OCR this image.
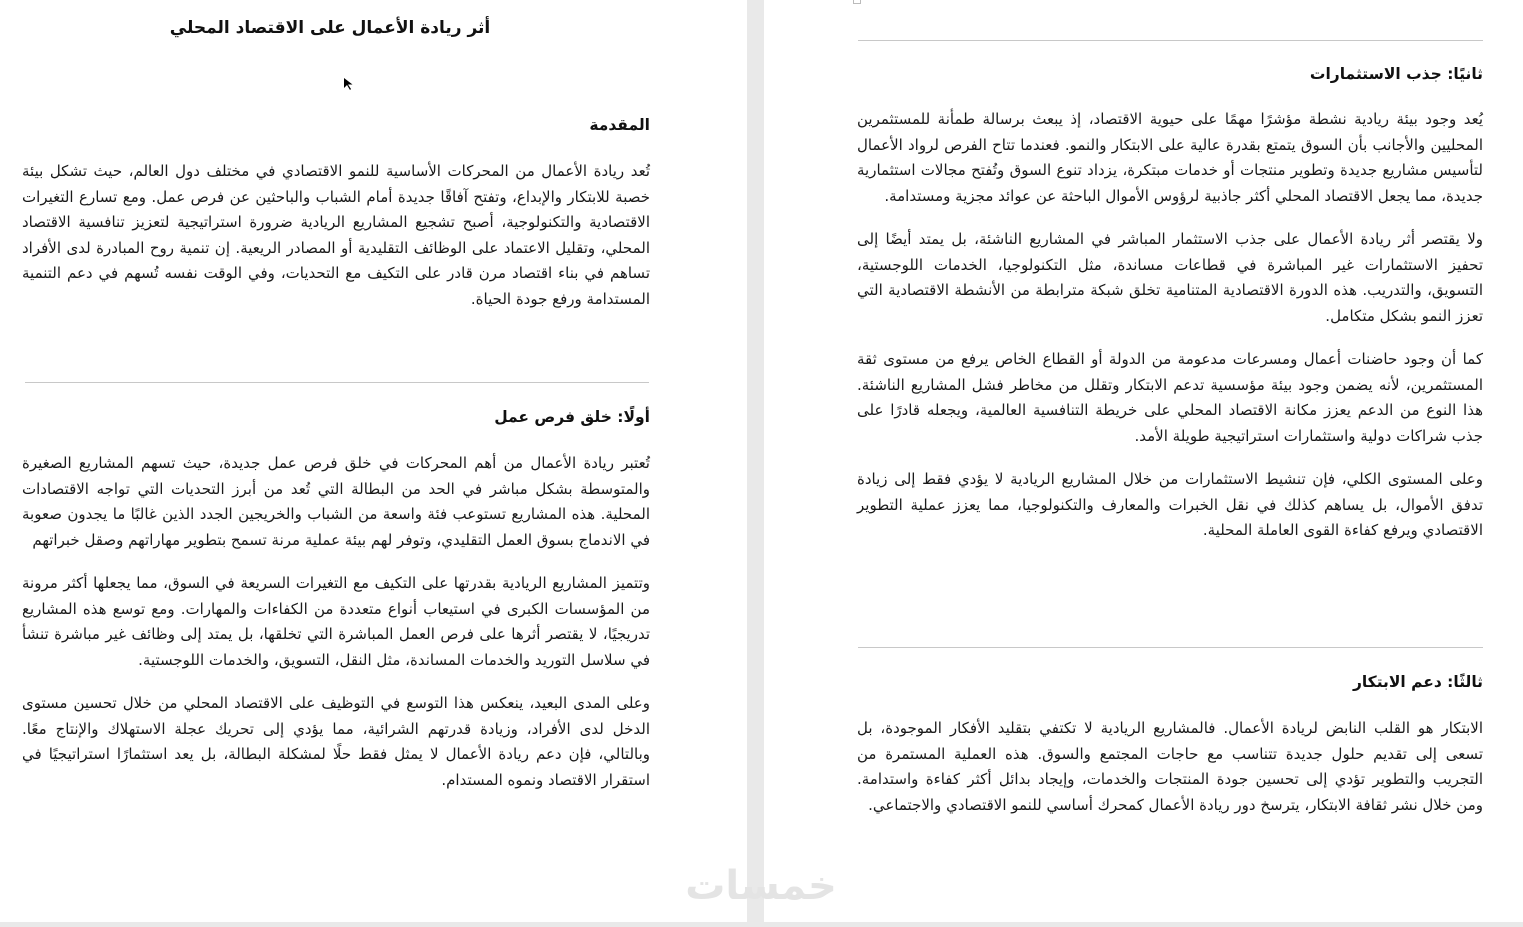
أثر ريادة الأعمال على الاقتصاد المحلي
المقدمة

تُعد ريادة الأعمال من المحركات الأساسية للنمو الاقتصادي في مختلف دول العالم، حيث تشكل بيئة خصبة للابتكار والإبداع، وتفتح آفاقًا جديدة أمام الشباب والباحثين عن فرص عمل. ومع تسارع التغيرات الاقتصادية والتكنولوجية، أصبح تشجيع المشاريع الريادية ضرورة استراتيجية لتعزيز تنافسية الاقتصاد المحلي، وتقليل الاعتماد على الوظائف التقليدية أو المصادر الريعية. إن تنمية روح المبادرة لدى الأفراد تساهم في بناء اقتصاد مرن قادر على التكيف مع التحديات، وفي الوقت نفسه تُسهم في دعم التنمية المستدامة ورفع جودة الحياة.

أولًا: خلق فرص عمل

تُعتبر ريادة الأعمال من أهم المحركات في خلق فرص عمل جديدة، حيث تسهم المشاريع الصغيرة والمتوسطة بشكل مباشر في الحد من البطالة التي تُعد من أبرز التحديات التي تواجه الاقتصادات المحلية. هذه المشاريع تستوعب فئة واسعة من الشباب والخريجين الجدد الذين غالبًا ما يجدون صعوبة في الاندماج بسوق العمل التقليدي، وتوفر لهم بيئة عملية مرنة تسمح بتطوير مهاراتهم وصقل خبراتهم

وتتميز المشاريع الريادية بقدرتها على التكيف مع التغيرات السريعة في السوق، مما يجعلها أكثر مرونة من المؤسسات الكبرى في استيعاب أنواع متعددة من الكفاءات والمهارات. ومع توسع هذه المشاريع تدريجيًا، لا يقتصر أثرها على فرص العمل المباشرة التي تخلقها، بل يمتد إلى وظائف غير مباشرة تنشأ في سلاسل التوريد والخدمات المساندة، مثل النقل، التسويق، والخدمات اللوجستية.

وعلى المدى البعيد، ينعكس هذا التوسع في التوظيف على الاقتصاد المحلي من خلال تحسين مستوى الدخل لدى الأفراد، وزيادة قدرتهم الشرائية، مما يؤدي إلى تحريك عجلة الاستهلاك والإنتاج معًا. وبالتالي، فإن دعم ريادة الأعمال لا يمثل فقط حلًا لمشكلة البطالة، بل يعد استثمارًا استراتيجيًا في استقرار الاقتصاد ونموه المستدام.

ثانيًا: جذب الاستثمارات

يُعد وجود بيئة ريادية نشطة مؤشرًا مهمًا على حيوية الاقتصاد، إذ يبعث برسالة طمأنة للمستثمرين المحليين والأجانب بأن السوق يتمتع بقدرة عالية على الابتكار والنمو. فعندما تتاح الفرص لرواد الأعمال لتأسيس مشاريع جديدة وتطوير منتجات أو خدمات مبتكرة، يزداد تنوع السوق وتُفتح مجالات استثمارية جديدة، مما يجعل الاقتصاد المحلي أكثر جاذبية لرؤوس الأموال الباحثة عن عوائد مجزية ومستدامة.

ولا يقتصر أثر ريادة الأعمال على جذب الاستثمار المباشر في المشاريع الناشئة، بل يمتد أيضًا إلى تحفيز الاستثمارات غير المباشرة في قطاعات مساندة، مثل التكنولوجيا، الخدمات اللوجستية، التسويق، والتدريب. هذه الدورة الاقتصادية المتنامية تخلق شبكة مترابطة من الأنشطة الاقتصادية التي تعزز النمو بشكل متكامل.

كما أن وجود حاضنات أعمال ومسرعات مدعومة من الدولة أو القطاع الخاص يرفع من مستوى ثقة المستثمرين، لأنه يضمن وجود بيئة مؤسسية تدعم الابتكار وتقلل من مخاطر فشل المشاريع الناشئة. هذا النوع من الدعم يعزز مكانة الاقتصاد المحلي على خريطة التنافسية العالمية، ويجعله قادرًا على جذب شراكات دولية واستثمارات استراتيجية طويلة الأمد.

وعلى المستوى الكلي، فإن تنشيط الاستثمارات من خلال المشاريع الريادية لا يؤدي فقط إلى زيادة تدفق الأموال، بل يساهم كذلك في نقل الخبرات والمعارف والتكنولوجيا، مما يعزز عملية التطوير الاقتصادي ويرفع كفاءة القوى العاملة المحلية.

ثالثًا: دعم الابتكار

الابتكار هو القلب النابض لريادة الأعمال. فالمشاريع الريادية لا تكتفي بتقليد الأفكار الموجودة، بل تسعى إلى تقديم حلول جديدة تتناسب مع حاجات المجتمع والسوق. هذه العملية المستمرة من التجريب والتطوير تؤدي إلى تحسين جودة المنتجات والخدمات، وإيجاد بدائل أكثر كفاءة واستدامة. ومن خلال نشر ثقافة الابتكار، يترسخ دور ريادة الأعمال كمحرك أساسي للنمو الاقتصادي والاجتماعي.

خمسات
